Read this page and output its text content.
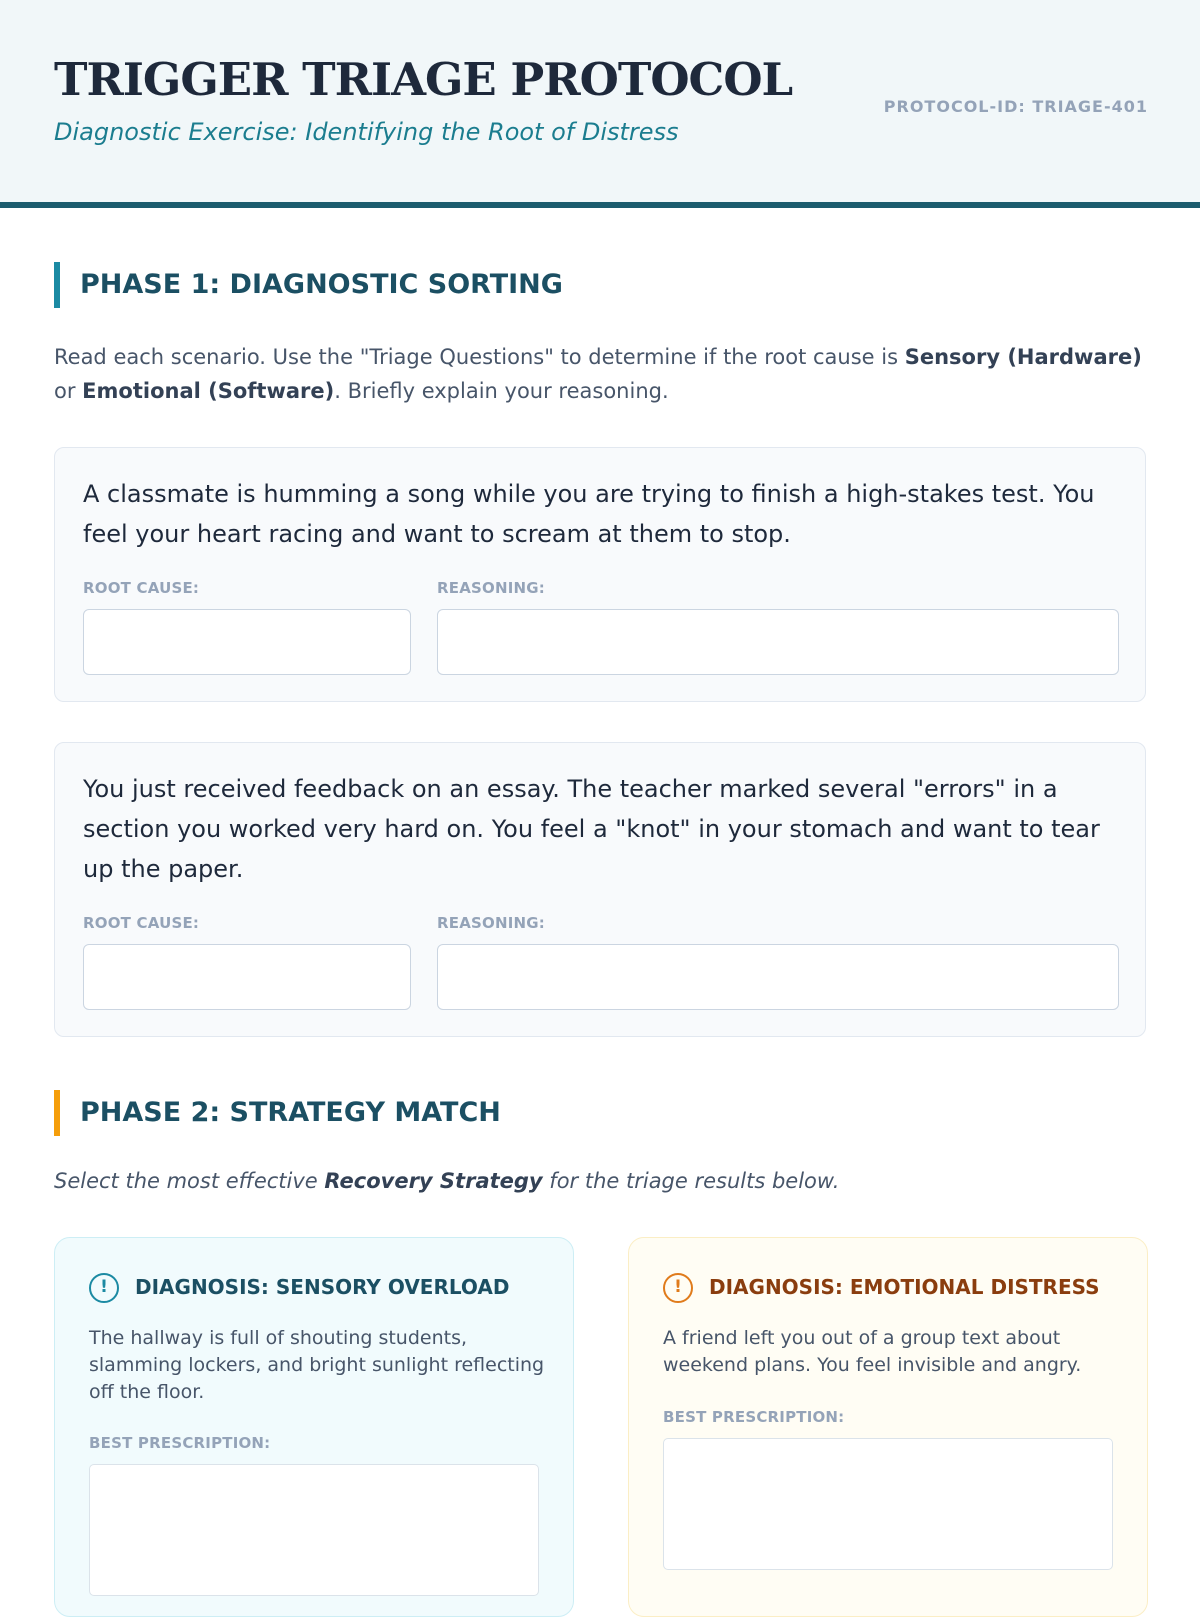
TRIGGER TRIAGE PROTOCOL
Diagnostic Exercise: Identifying the Root of Distress
PROTOCOL-ID: TRIAGE-401
PHASE 1: DIAGNOSTIC SORTING

Read each scenario. Use the "Triage Questions" to determine if the root cause is Sensory (Hardware) or Emotional (Software). Briefly explain your reasoning.

A classmate is humming a song while you are trying to finish a high-stakes test. You feel your heart racing and want to scream at them to stop.
ROOT CAUSE:	REASONING:
You just received feedback on an essay. The teacher marked several "errors" in a section you worked very hard on. You feel a "knot" in your stomach and want to tear up the paper.
ROOT CAUSE:	REASONING:
PHASE 2: STRATEGY MATCH

Select the most effective Recovery Strategy for the triage results below.

!	DIAGNOSIS: SENSORY OVERLOAD
The hallway is full of shouting students, slamming lockers, and bright sunlight reflecting off the floor.
BEST PRESCRIPTION:
!	DIAGNOSIS: EMOTIONAL DISTRESS
A friend left you out of a group text about weekend plans. You feel invisible and angry.
BEST PRESCRIPTION:
